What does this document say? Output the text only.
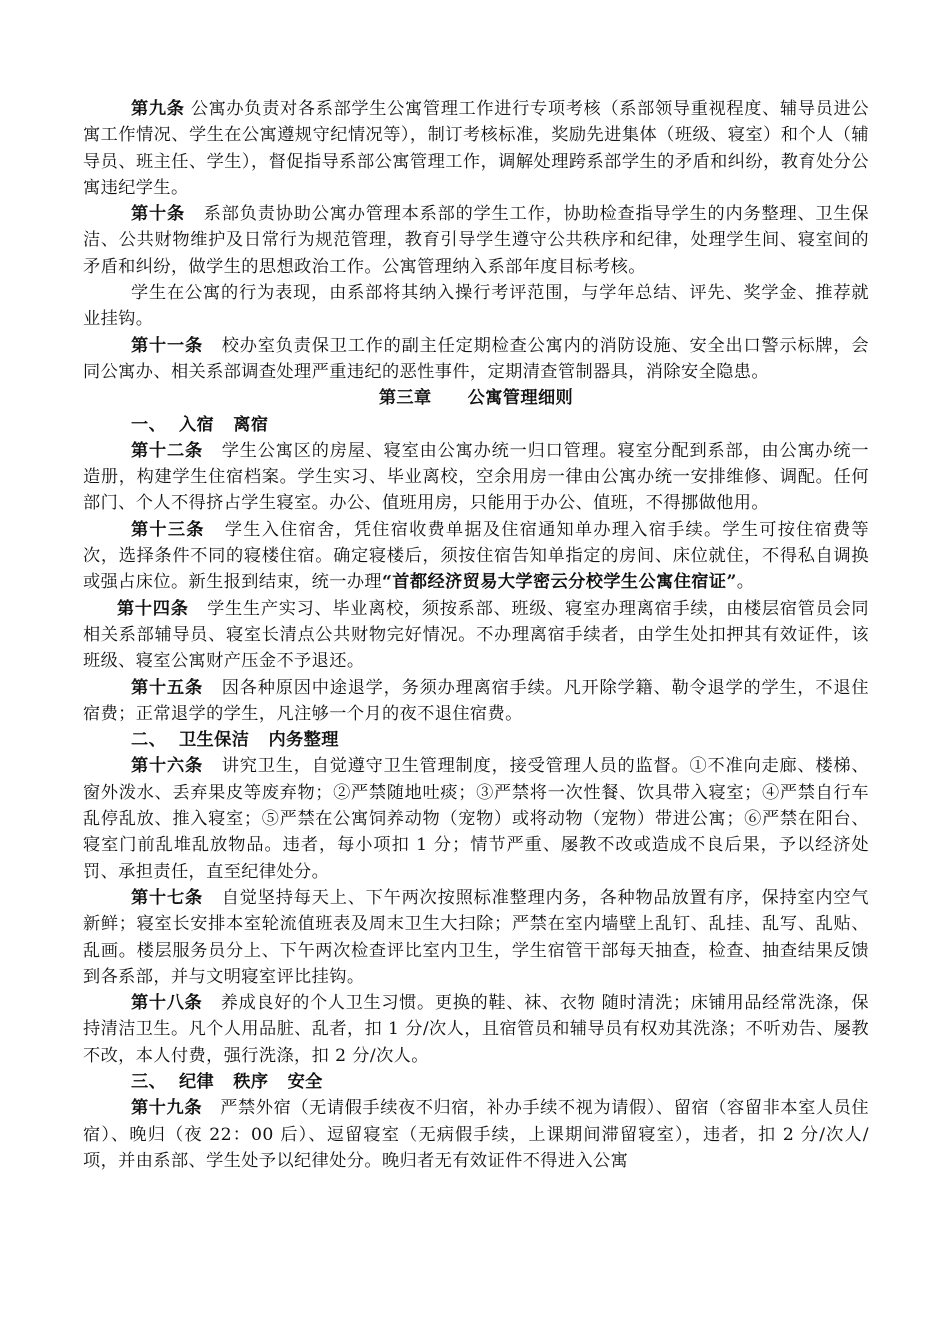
第九条 公寓办负责对各系部学生公寓管理工作进行专项考核（系部领导重视程度、辅导员进公寓工作情况、学生在公寓遵规守纪情况等），制订考核标准，奖励先进集体（班级、寝室）和个人（辅导员、班主任、学生），督促指导系部公寓管理工作，调解处理跨系部学生的矛盾和纠纷，教育处分公寓违纪学生。

第十条 系部负责协助公寓办管理本系部的学生工作，协助检查指导学生的内务整理、卫生保洁、公共财物维护及日常行为规范管理，教育引导学生遵守公共秩序和纪律，处理学生间、寝室间的矛盾和纠纷，做学生的思想政治工作。公寓管理纳入系部年度目标考核。

学生在公寓的行为表现，由系部将其纳入操行考评范围，与学年总结、评先、奖学金、推荐就业挂钩。

第十一条 校办室负责保卫工作的副主任定期检查公寓内的消防设施、安全出口警示标牌，会同公寓办、相关系部调查处理严重违纪的恶性事件，定期清查管制器具，消除安全隐患。

第三章 公寓管理细则

一、  入宿   离宿

第十二条 学生公寓区的房屋、寝室由公寓办统一归口管理。寝室分配到系部，由公寓办统一造册，构建学生住宿档案。学生实习、毕业离校，空余用房一律由公寓办统一安排维修、调配。任何部门、个人不得挤占学生寝室。办公、值班用房，只能用于办公、值班，不得挪做他用。

第十三条 学生入住宿舍，凭住宿收费单据及住宿通知单办理入宿手续。学生可按住宿费等次，选择条件不同的寝楼住宿。确定寝楼后，须按住宿告知单指定的房间、床位就住，不得私自调换或强占床位。新生报到结束，统一办理“首都经济贸易大学密云分校学生公寓住宿证”。

第十四条 学生生产实习、毕业离校，须按系部、班级、寝室办理离宿手续，由楼层宿管员会同相关系部辅导员、寝室长清点公共财物完好情况。不办理离宿手续者，由学生处扣押其有效证件，该班级、寝室公寓财产压金不予退还。

第十五条 因各种原因中途退学，务须办理离宿手续。凡开除学籍、勒令退学的学生，不退住宿费；正常退学的学生，凡注够一个月的夜不退住宿费。

二、  卫生保洁   内务整理

第十六条 讲究卫生，自觉遵守卫生管理制度，接受管理人员的监督。①不准向走廊、楼梯、窗外泼水、丢弃果皮等废弃物；②严禁随地吐痰；③严禁将一次性餐、饮具带入寝室；④严禁自行车乱停乱放、推入寝室；⑤严禁在公寓饲养动物（宠物）或将动物（宠物）带进公寓；⑥严禁在阳台、寝室门前乱堆乱放物品。违者，每小项扣 1 分；情节严重、屡教不改或造成不良后果，予以经济处罚、承担责任，直至纪律处分。

第十七条 自觉坚持每天上、下午两次按照标准整理内务，各种物品放置有序，保持室内空气新鲜；寝室长安排本室轮流值班表及周末卫生大扫除；严禁在室内墙壁上乱钉、乱挂、乱写、乱贴、乱画。楼层服务员分上、下午两次检查评比室内卫生，学生宿管干部每天抽查，检查、抽查结果反馈到各系部，并与文明寝室评比挂钩。

第十八条 养成良好的个人卫生习惯。更换的鞋、袜、衣物 随时清洗；床铺用品经常洗涤，保持清洁卫生。凡个人用品脏、乱者，扣 1 分/次人，且宿管员和辅导员有权劝其洗涤；不听劝告、屡教不改，本人付费，强行洗涤，扣 2 分/次人。

三、  纪律   秩序   安全

第十九条 严禁外宿（无请假手续夜不归宿，补办手续不视为请假）、留宿（容留非本室人员住宿）、晚归（夜 22：00 后）、逗留寝室（无病假手续，上课期间滞留寝室），违者，扣 2 分/次人/项，并由系部、学生处予以纪律处分。晚归者无有效证件不得进入公寓
